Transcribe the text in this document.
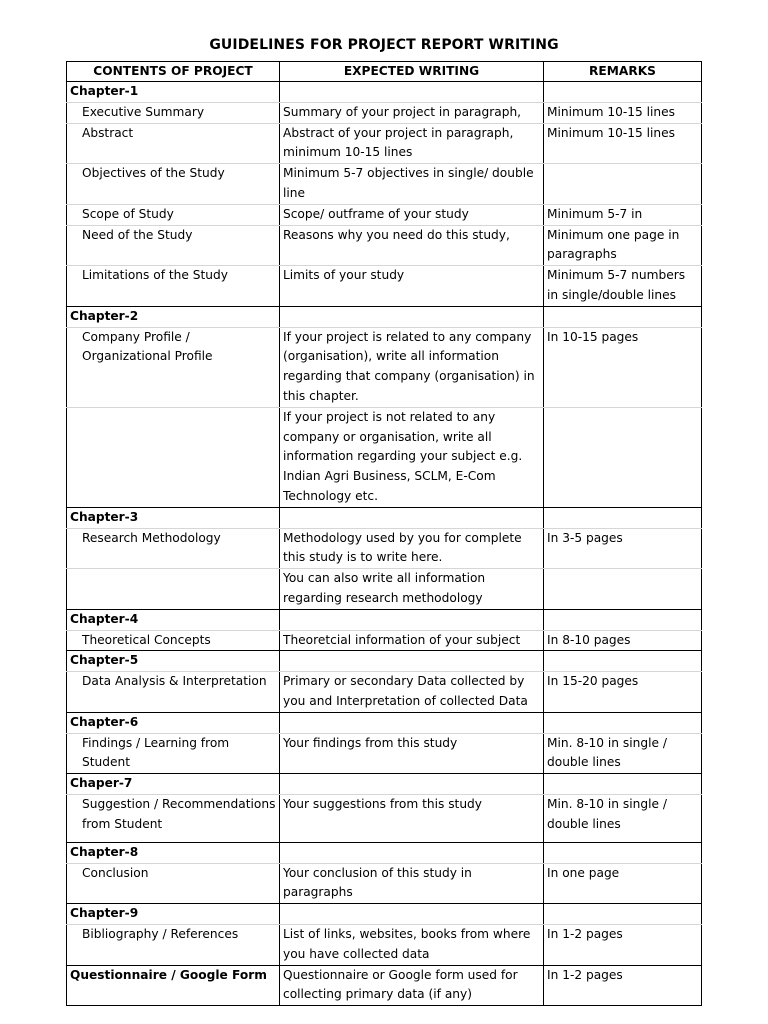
GUIDELINES FOR PROJECT REPORT WRITING
CONTENTS OF PROJECT	EXPECTED WRITING	REMARKS
Chapter-1		
Executive Summary	Summary of your project in paragraph,	Minimum 10-15 lines
Abstract	Abstract of your project in paragraph, minimum 10-15 lines	Minimum 10-15 lines
Objectives of the Study	Minimum 5-7 objectives in single/ double line	
Scope of Study	Scope/ outframe of your study	Minimum 5-7 in
Need of the Study	Reasons why you need do this study,	Minimum one page in paragraphs
Limitations of the Study	Limits of your study	Minimum 5-7 numbers in single/double lines
Chapter-2		
Company Profile / Organizational Profile	If your project is related to any company (organisation), write all information regarding that company (organisation) in this chapter.	In 10-15 pages
	If your project is not related to any company or organisation, write all information regarding your subject e.g. Indian Agri Business, SCLM, E-Com Technology etc.	
Chapter-3		
Research Methodology	Methodology used by you for complete this study is to write here.	In 3-5 pages
	You can also write all information regarding research methodology	
Chapter-4		
Theoretical Concepts	Theoretcial information of your subject	In 8-10 pages
Chapter-5		
Data Analysis & Interpretation	Primary or secondary Data collected by you and Interpretation of collected Data	In 15-20 pages
Chapter-6		
Findings / Learning from Student	Your findings from this study	Min. 8-10 in single / double lines
Chaper-7		
Suggestion / Recommendations from Student	Your suggestions from this study	Min. 8-10 in single / double lines
Chapter-8		
Conclusion	Your conclusion of this study in paragraphs	In one page
Chapter-9		
Bibliography / References	List of links, websites, books from where you have collected data	In 1-2 pages
Questionnaire / Google Form	Questionnaire or Google form used for collecting primary data (if any)	In 1-2 pages
